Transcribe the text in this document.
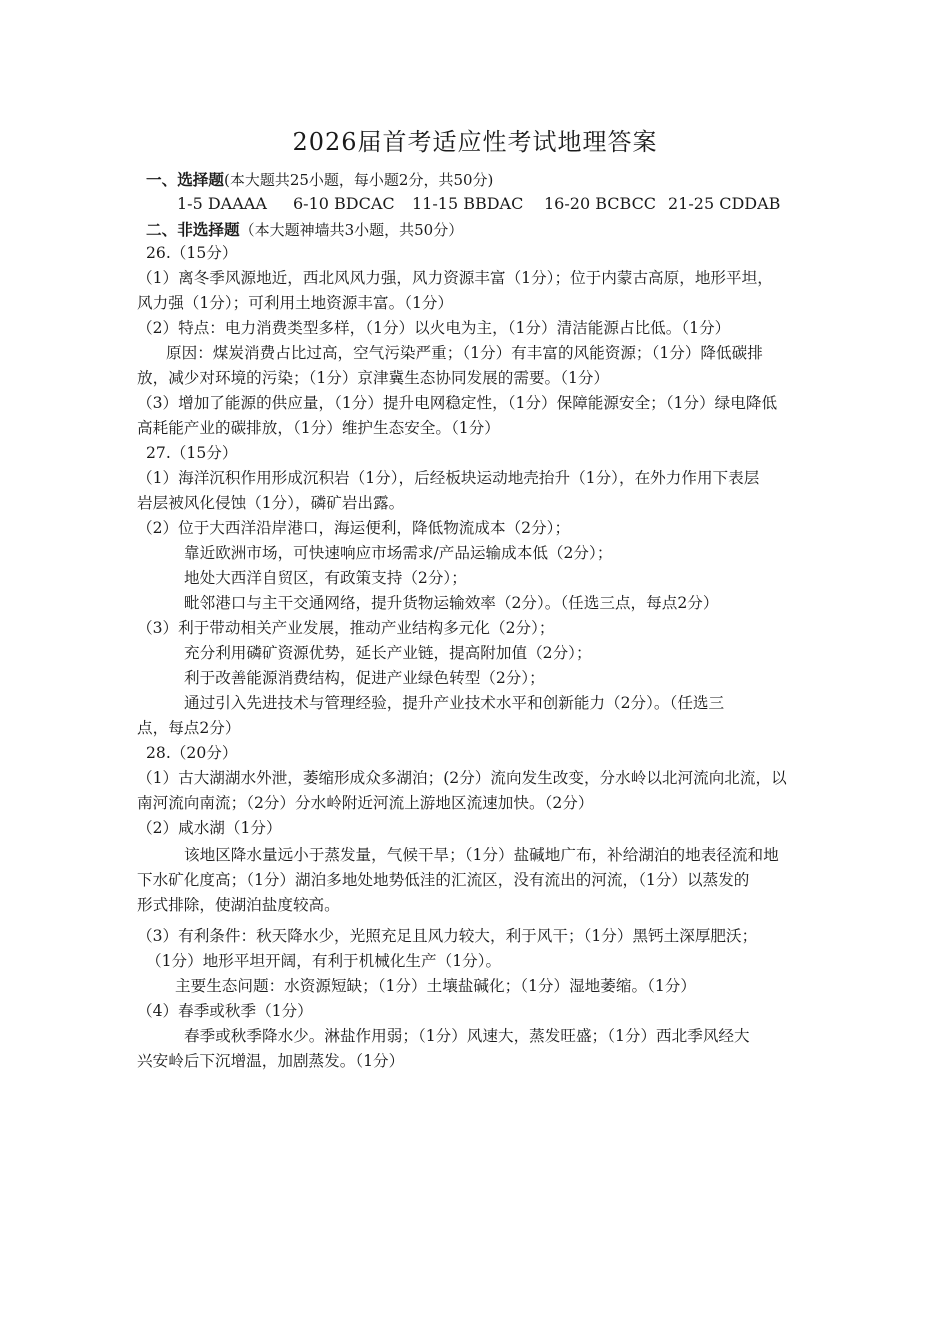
2026届首考适应性考试地理答案
一、选择题(本大题共25小题，每小题2分，共50分)
1-5 DAAAA 6-10 BDCAC 11-15 BBDAC 16-20 BCBCC 21-25 CDDAB
二、非选择题（本大题神墙共3小题，共50分）
26.（15分）
（1）离冬季风源地近，西北风风力强，风力资源丰富（1分）；位于内蒙古高原，地形平坦，
风力强（1分）；可利用土地资源丰富。（1分）
（2）特点：电力消费类型多样，（1分）以火电为主，（1分）清洁能源占比低。（1分）
原因：煤炭消费占比过高，空气污染严重；（1分）有丰富的风能资源；（1分）降低碳排
放，减少对环境的污染；（1分）京津冀生态协同发展的需要。（1分）
（3）增加了能源的供应量，（1分）提升电网稳定性，（1分）保障能源安全；（1分）绿电降低
高耗能产业的碳排放，（1分）维护生态安全。（1分）
27.（15分）
（1）海洋沉积作用形成沉积岩（1分），后经板块运动地壳抬升（1分），在外力作用下表层
岩层被风化侵蚀（1分），磷矿岩出露。
（2）位于大西洋沿岸港口，海运便利，降低物流成本（2分）；
靠近欧洲市场，可快速响应市场需求/产品运输成本低（2分）；
地处大西洋自贸区，有政策支持（2分）；
毗邻港口与主干交通网络，提升货物运输效率（2分）。（任选三点，每点2分）
（3）利于带动相关产业发展，推动产业结构多元化（2分）；
充分利用磷矿资源优势，延长产业链，提高附加值（2分）；
利于改善能源消费结构，促进产业绿色转型（2分）；
通过引入先进技术与管理经验，提升产业技术水平和创新能力（2分）。（任选三
点，每点2分）
28.（20分）
（1）古大湖湖水外泄，萎缩形成众多湖泊；(2分）流向发生改变，分水岭以北河流向北流，以
南河流向南流；（2分）分水岭附近河流上游地区流速加快。（2分）
（2）咸水湖（1分）
该地区降水量远小于蒸发量，气候干旱；（1分）盐碱地广布，补给湖泊的地表径流和地
下水矿化度高；（1分）湖泊多地处地势低洼的汇流区，没有流出的河流，（1分）以蒸发的
形式排除，使湖泊盐度较高。
（3）有利条件：秋天降水少，光照充足且风力较大，利于风干；（1分）黑钙土深厚肥沃；
（1分）地形平坦开阔，有利于机械化生产（1分）。
主要生态问题：水资源短缺；（1分）土壤盐碱化；（1分）湿地萎缩。（1分）
（4）春季或秋季（1分）
春季或秋季降水少。淋盐作用弱；（1分）风速大，蒸发旺盛；（1分）西北季风经大
兴安岭后下沉增温，加剧蒸发。（1分）
